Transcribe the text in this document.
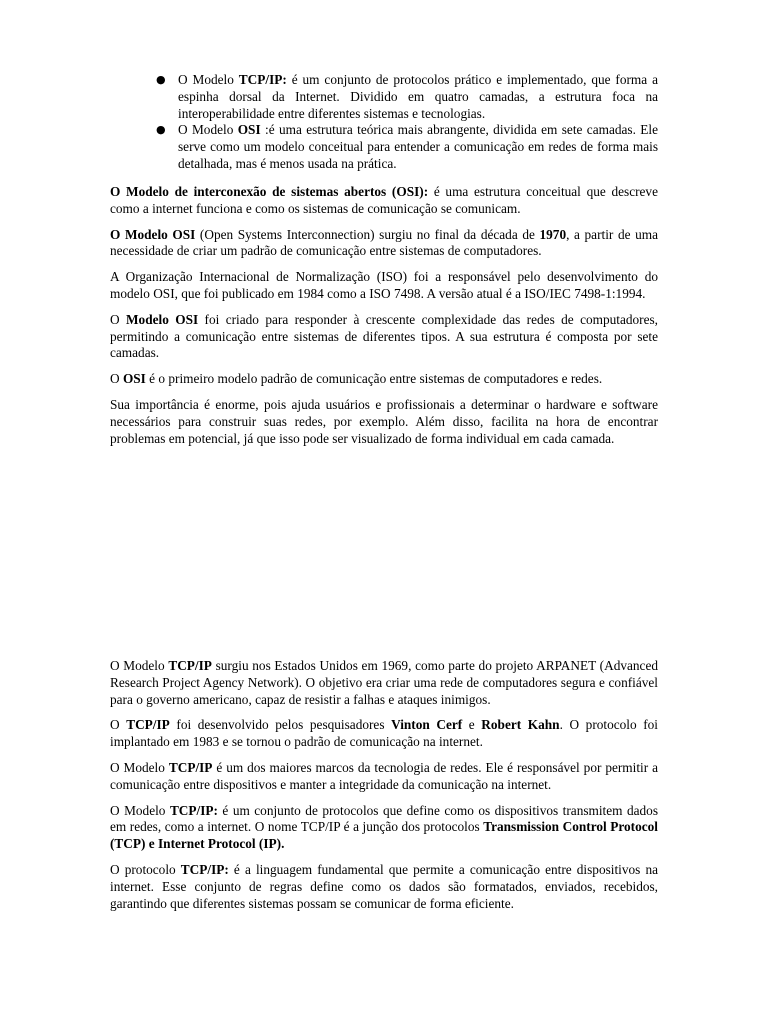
● O Modelo TCP/IP: é um conjunto de protocolos prático e implementado, que forma a espinha dorsal da Internet. Dividido em quatro camadas, a estrutura foca na interoperabilidade entre diferentes sistemas e tecnologias.
● O Modelo OSI :é uma estrutura teórica mais abrangente, dividida em sete camadas. Ele serve como um modelo conceitual para entender a comunicação em redes de forma mais detalhada, mas é menos usada na prática.

O Modelo de interconexão de sistemas abertos (OSI): é uma estrutura conceitual que descreve como a internet funciona e como os sistemas de comunicação se comunicam.

O Modelo OSI (Open Systems Interconnection) surgiu no final da década de 1970, a partir de uma necessidade de criar um padrão de comunicação entre sistemas de computadores.

A Organização Internacional de Normalização (ISO) foi a responsável pelo desenvolvimento do modelo OSI, que foi publicado em 1984 como a ISO 7498. A versão atual é a ISO/IEC 7498-1:1994.

O Modelo OSI foi criado para responder à crescente complexidade das redes de computadores, permitindo a comunicação entre sistemas de diferentes tipos. A sua estrutura é composta por sete camadas.

O OSI é o primeiro modelo padrão de comunicação entre sistemas de computadores e redes.

Sua importância é enorme, pois ajuda usuários e profissionais a determinar o hardware e software necessários para construir suas redes, por exemplo. Além disso, facilita na hora de encontrar problemas em potencial, já que isso pode ser visualizado de forma individual em cada camada.

O Modelo TCP/IP surgiu nos Estados Unidos em 1969, como parte do projeto ARPANET (Advanced Research Project Agency Network). O objetivo era criar uma rede de computadores segura e confiável para o governo americano, capaz de resistir a falhas e ataques inimigos.

O TCP/IP foi desenvolvido pelos pesquisadores Vinton Cerf e Robert Kahn. O protocolo foi implantado em 1983 e se tornou o padrão de comunicação na internet.

O Modelo TCP/IP é um dos maiores marcos da tecnologia de redes. Ele é responsável por permitir a comunicação entre dispositivos e manter a integridade da comunicação na internet.

O Modelo TCP/IP: é um conjunto de protocolos que define como os dispositivos transmitem dados em redes, como a internet. O nome TCP/IP é a junção dos protocolos Transmission Control Protocol (TCP) e Internet Protocol (IP).

O protocolo TCP/IP: é a linguagem fundamental que permite a comunicação entre dispositivos na internet. Esse conjunto de regras define como os dados são formatados, enviados, recebidos, garantindo que diferentes sistemas possam se comunicar de forma eficiente.
